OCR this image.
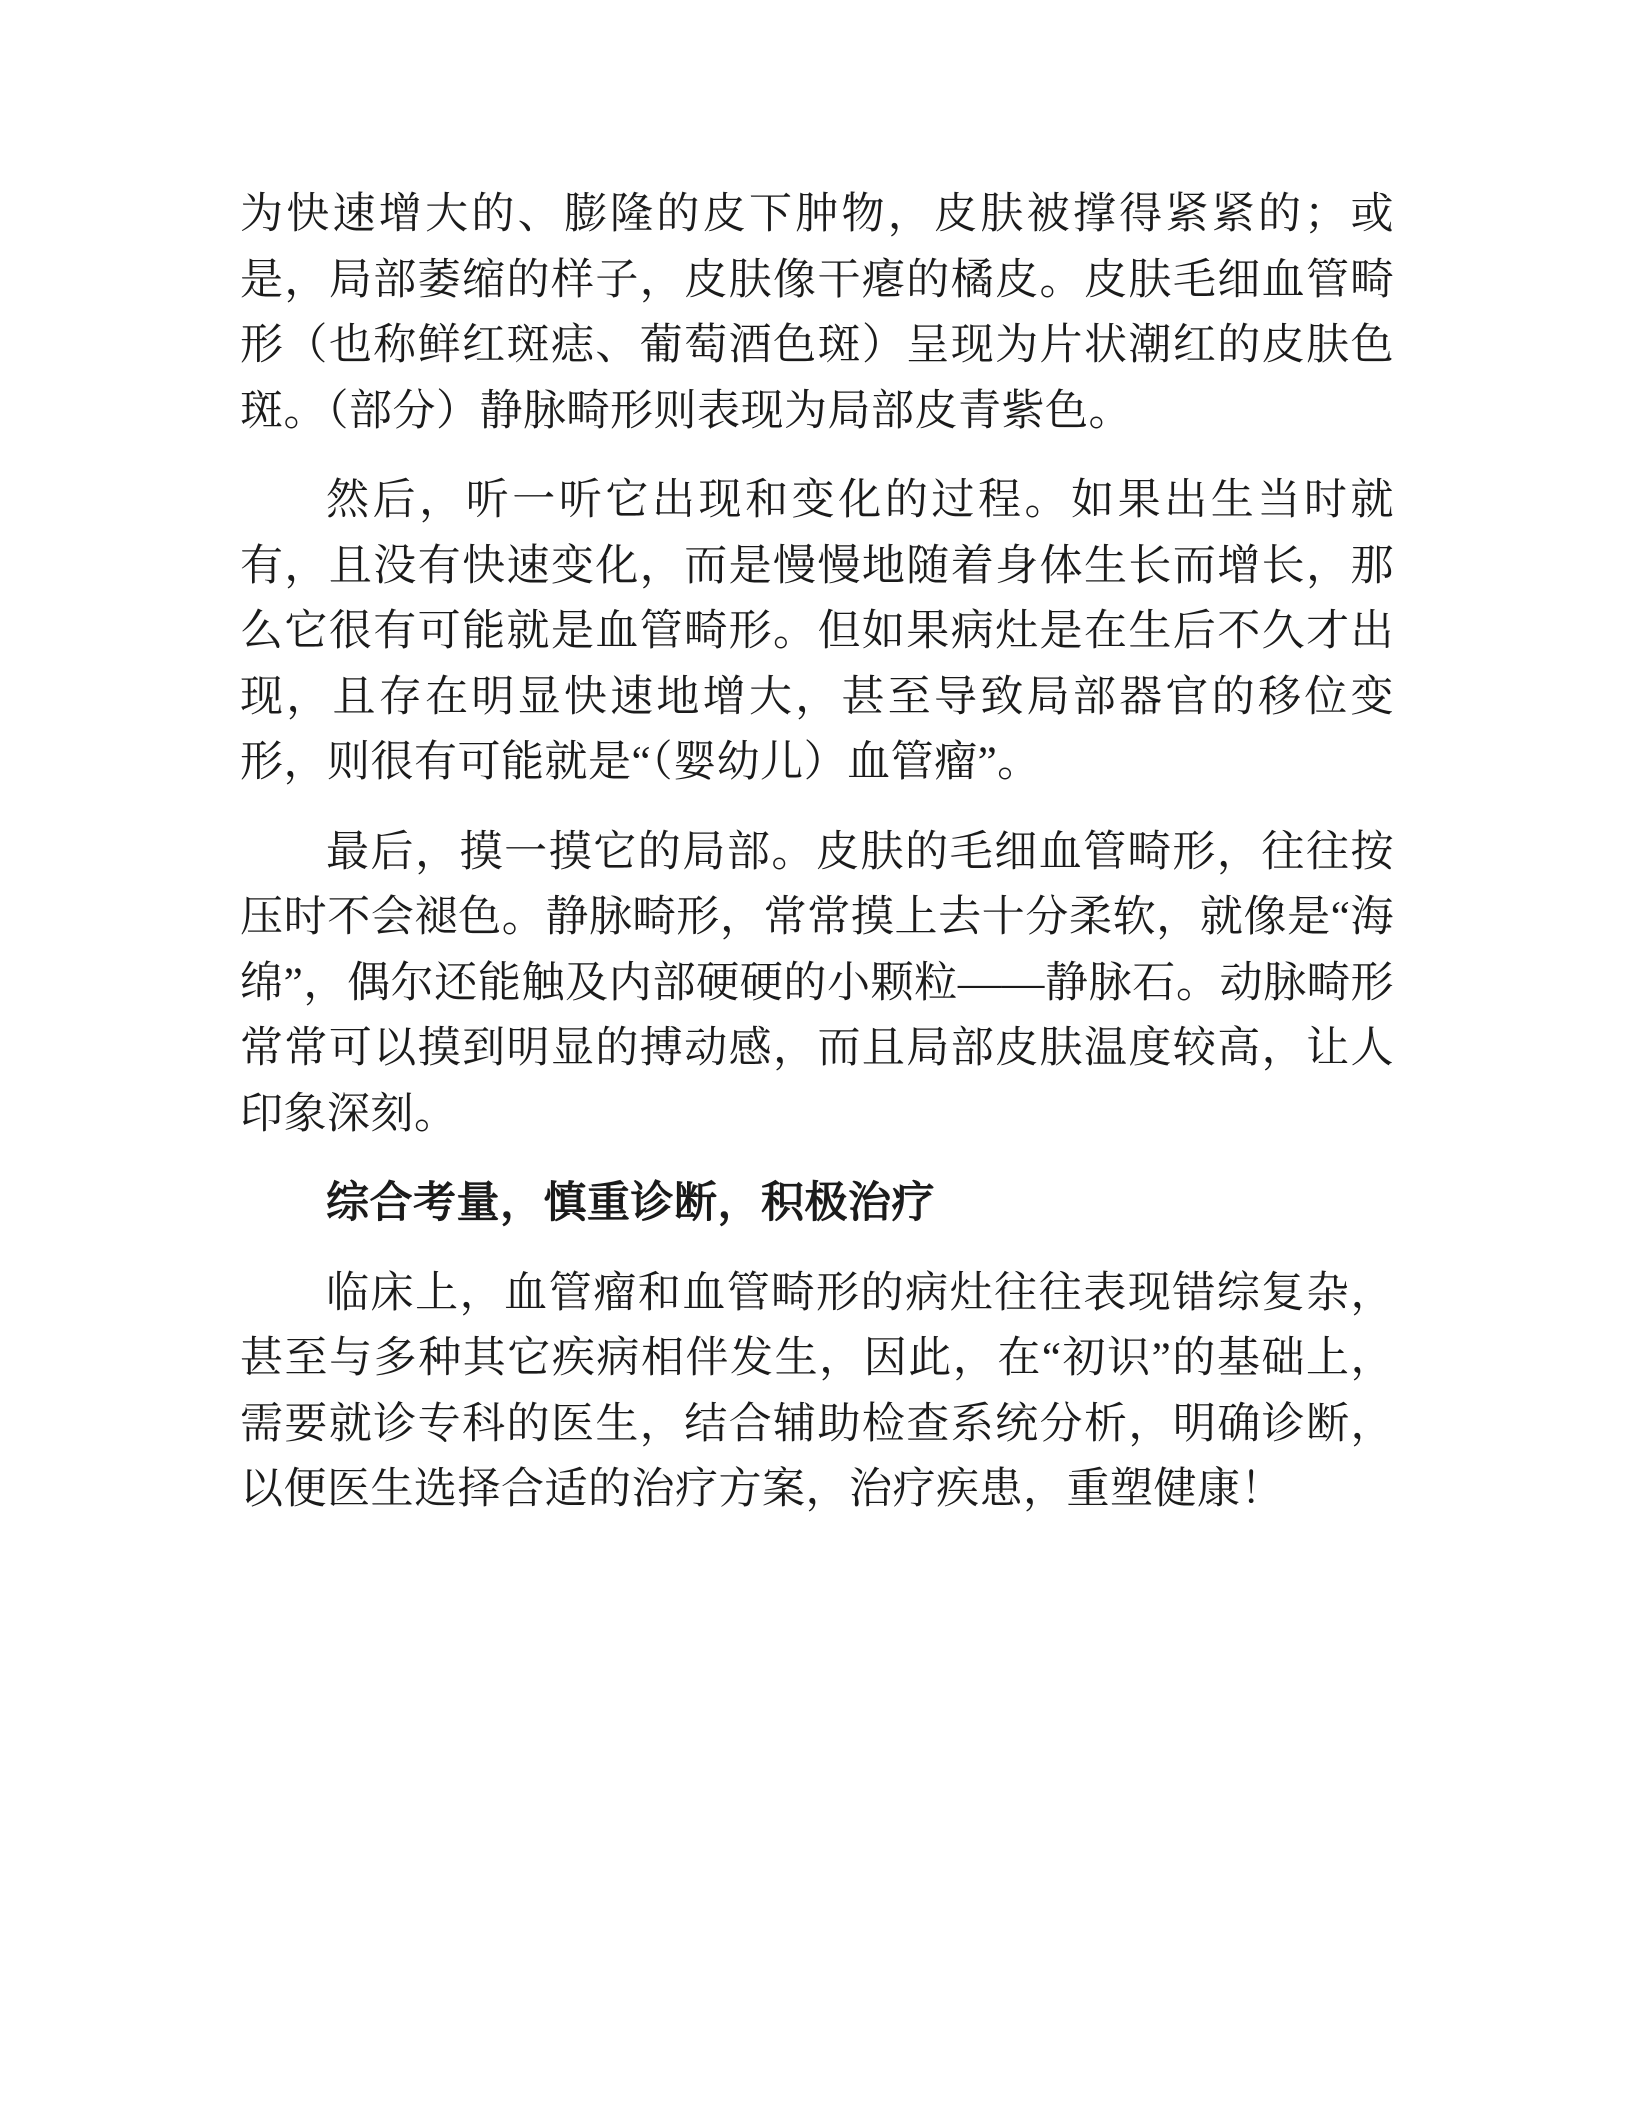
为快速增大的、膨隆的皮下肿物，皮肤被撑得紧紧的；或是，局部萎缩的样子，皮肤像干瘪的橘皮。皮肤毛细血管畸形（也称鲜红斑痣、葡萄酒色斑）呈现为片状潮红的皮肤色斑。（部分）静脉畸形则表现为局部皮青紫色。

然后，听一听它出现和变化的过程。如果出生当时就有，且没有快速变化，而是慢慢地随着身体生长而增长，那么它很有可能就是血管畸形。但如果病灶是在生后不久才出现，且存在明显快速地增大，甚至导致局部器官的移位变形，则很有可能就是“（婴幼儿）血管瘤”。

最后，摸一摸它的局部。皮肤的毛细血管畸形，往往按压时不会褪色。静脉畸形，常常摸上去十分柔软，就像是“海绵”，偶尔还能触及内部硬硬的小颗粒——静脉石。动脉畸形常常可以摸到明显的搏动感，而且局部皮肤温度较高，让人印象深刻。

综合考量，慎重诊断，积极治疗

临床上，血管瘤和血管畸形的病灶往往表现错综复杂，甚至与多种其它疾病相伴发生，因此，在“初识”的基础上，需要就诊专科的医生，结合辅助检查系统分析，明确诊断，以便医生选择合适的治疗方案，治疗疾患，重塑健康！
